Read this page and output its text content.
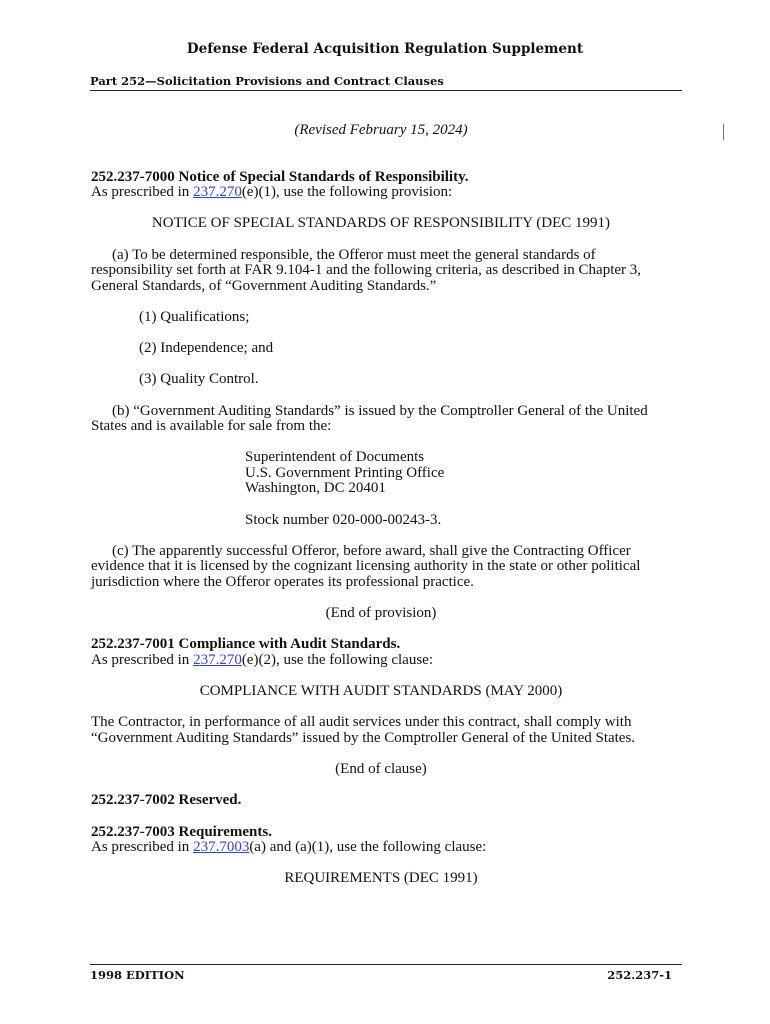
Defense Federal Acquisition Regulation Supplement
Part 252—Solicitation Provisions and Contract Clauses

(Revised February 15, 2024)

252.237-7000 Notice of Special Standards of Responsibility.

As prescribed in 237.270(e)(1), use the following provision:

NOTICE OF SPECIAL STANDARDS OF RESPONSIBILITY (DEC 1991)

(a) To be determined responsible, the Offeror must meet the general standards of responsibility set forth at FAR 9.104-1 and the following criteria, as described in Chapter 3, General Standards, of “Government Auditing Standards.”

(1) Qualifications;

(2) Independence; and

(3) Quality Control.

(b) “Government Auditing Standards” is issued by the Comptroller General of the United States and is available for sale from the:

Superintendent of Documents

U.S. Government Printing Office

Washington, DC 20401

Stock number 020-000-00243-3.

(c) The apparently successful Offeror, before award, shall give the Contracting Officer evidence that it is licensed by the cognizant licensing authority in the state or other political jurisdiction where the Offeror operates its professional practice.

(End of provision)

252.237-7001 Compliance with Audit Standards.

As prescribed in 237.270(e)(2), use the following clause:

COMPLIANCE WITH AUDIT STANDARDS (MAY 2000)

The Contractor, in performance of all audit services under this contract, shall comply with “Government Auditing Standards” issued by the Comptroller General of the United States.

(End of clause)

252.237-7002 Reserved.

252.237-7003 Requirements.

As prescribed in 237.7003(a) and (a)(1), use the following clause:

REQUIREMENTS (DEC 1991)

1998 EDITION	252.237-1
